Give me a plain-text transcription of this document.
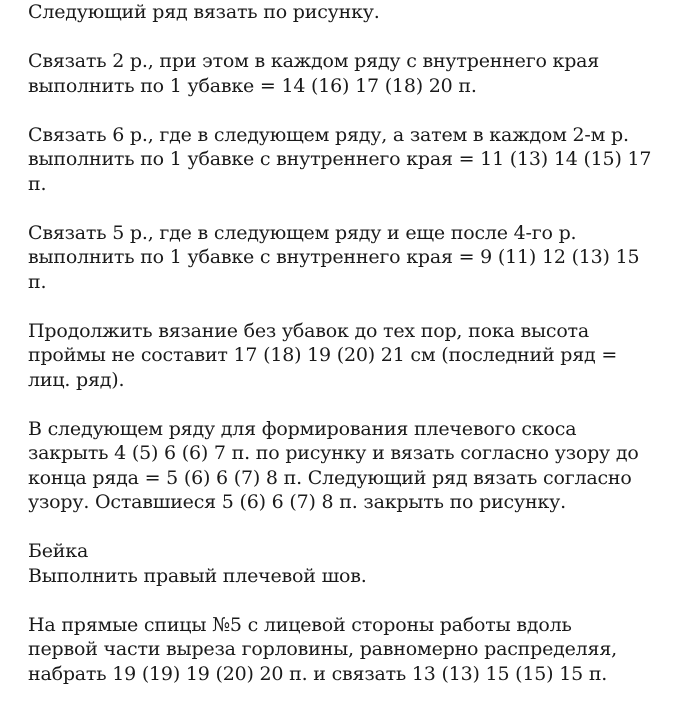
Следующий ряд вязать по рисунку.

Связать 2 р., при этом в каждом ряду с внутреннего края
выполнить по 1 убавке = 14 (16) 17 (18) 20 п.

Связать 6 р., где в следующем ряду, а затем в каждом 2-м р.
выполнить по 1 убавке с внутреннего края = 11 (13) 14 (15) 17
п.

Связать 5 р., где в следующем ряду и еще после 4-го р.
выполнить по 1 убавке с внутреннего края = 9 (11) 12 (13) 15
п.

Продолжить вязание без убавок до тех пор, пока высота
проймы не составит 17 (18) 19 (20) 21 см (последний ряд =
лиц. ряд).

В следующем ряду для формирования плечевого скоса
закрыть 4 (5) 6 (6) 7 п. по рисунку и вязать согласно узору до
конца ряда = 5 (6) 6 (7) 8 п. Следующий ряд вязать согласно
узору. Оставшиеся 5 (6) 6 (7) 8 п. закрыть по рисунку.

Бейка
Выполнить правый плечевой шов.

На прямые спицы №5 с лицевой стороны работы вдоль
первой части выреза горловины, равномерно распределяя,
набрать 19 (19) 19 (20) 20 п. и связать 13 (13) 15 (15) 15 п.
